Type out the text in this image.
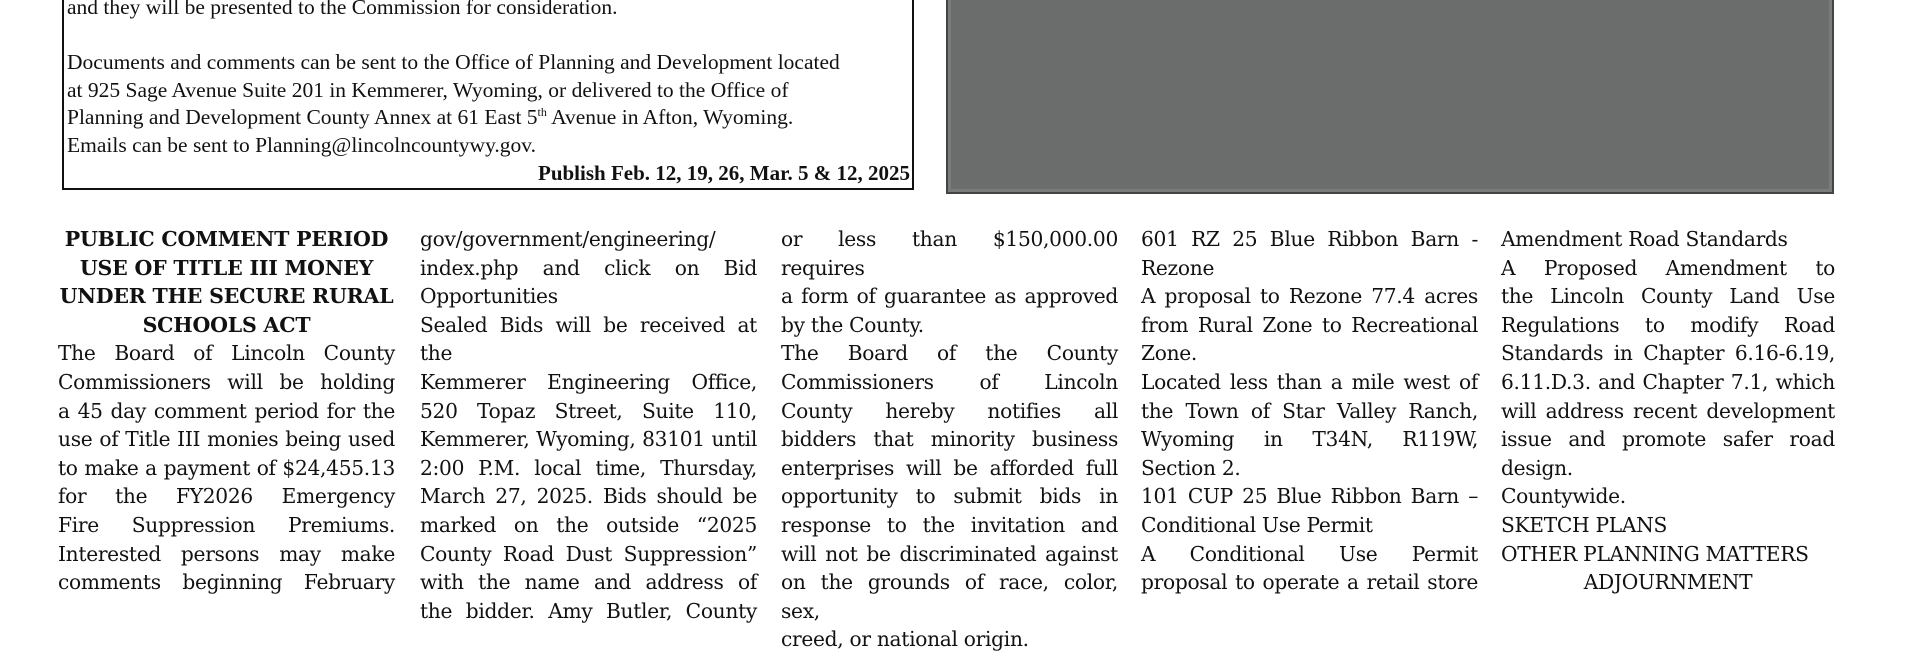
and they will be presented to the Commission for consideration.

Documents and comments can be sent to the Office of Planning and Development located
at 925 Sage Avenue Suite 201 in Kemmerer, Wyoming, or delivered to the Office of
Planning and Development County Annex at 61 East 5th Avenue in Afton, Wyoming.
Emails can be sent to Planning@lincolncountywy.gov.

Publish Feb. 12, 19, 26, Mar. 5 & 12, 2025
PUBLIC COMMENT PERIOD
USE OF TITLE III MONEY
UNDER THE SECURE RURAL
SCHOOLS ACT
The Board of Lincoln County
Commissioners will be holding
a 45 day comment period for the
use of Title III monies being used
to make a payment of $24,455.13
for the FY2026 Emergency
Fire Suppression Premiums.
Interested persons may make
comments beginning February
gov/government/engineering/
index.php and click on Bid
Opportunities
Sealed Bids will be received at the
Kemmerer Engineering Office,
520 Topaz Street, Suite 110,
Kemmerer, Wyoming, 83101 until
2:00 P.M. local time, Thursday,
March 27, 2025. Bids should be
marked on the outside “2025
County Road Dust Suppression”
with the name and address of
the bidder. Amy Butler, County
or less than $150,000.00 requires
a form of guarantee as approved
by the County.
The Board of the County
Commissioners of Lincoln
County hereby notifies all
bidders that minority business
enterprises will be afforded full
opportunity to submit bids in
response to the invitation and
will not be discriminated against
on the grounds of race, color, sex,
creed, or national origin.
601 RZ 25 Blue Ribbon Barn -
Rezone
A proposal to Rezone 77.4 acres
from Rural Zone to Recreational
Zone.
Located less than a mile west of
the Town of Star Valley Ranch,
Wyoming in T34N, R119W,
Section 2.
101 CUP 25 Blue Ribbon Barn –
Conditional Use Permit
A Conditional Use Permit
proposal to operate a retail store
Amendment Road Standards
A Proposed Amendment to
the Lincoln County Land Use
Regulations to modify Road
Standards in Chapter 6.16-6.19,
6.11.D.3. and Chapter 7.1, which
will address recent development
issue and promote safer road
design.
Countywide.
SKETCH PLANS
OTHER PLANNING MATTERS
ADJOURNMENT
